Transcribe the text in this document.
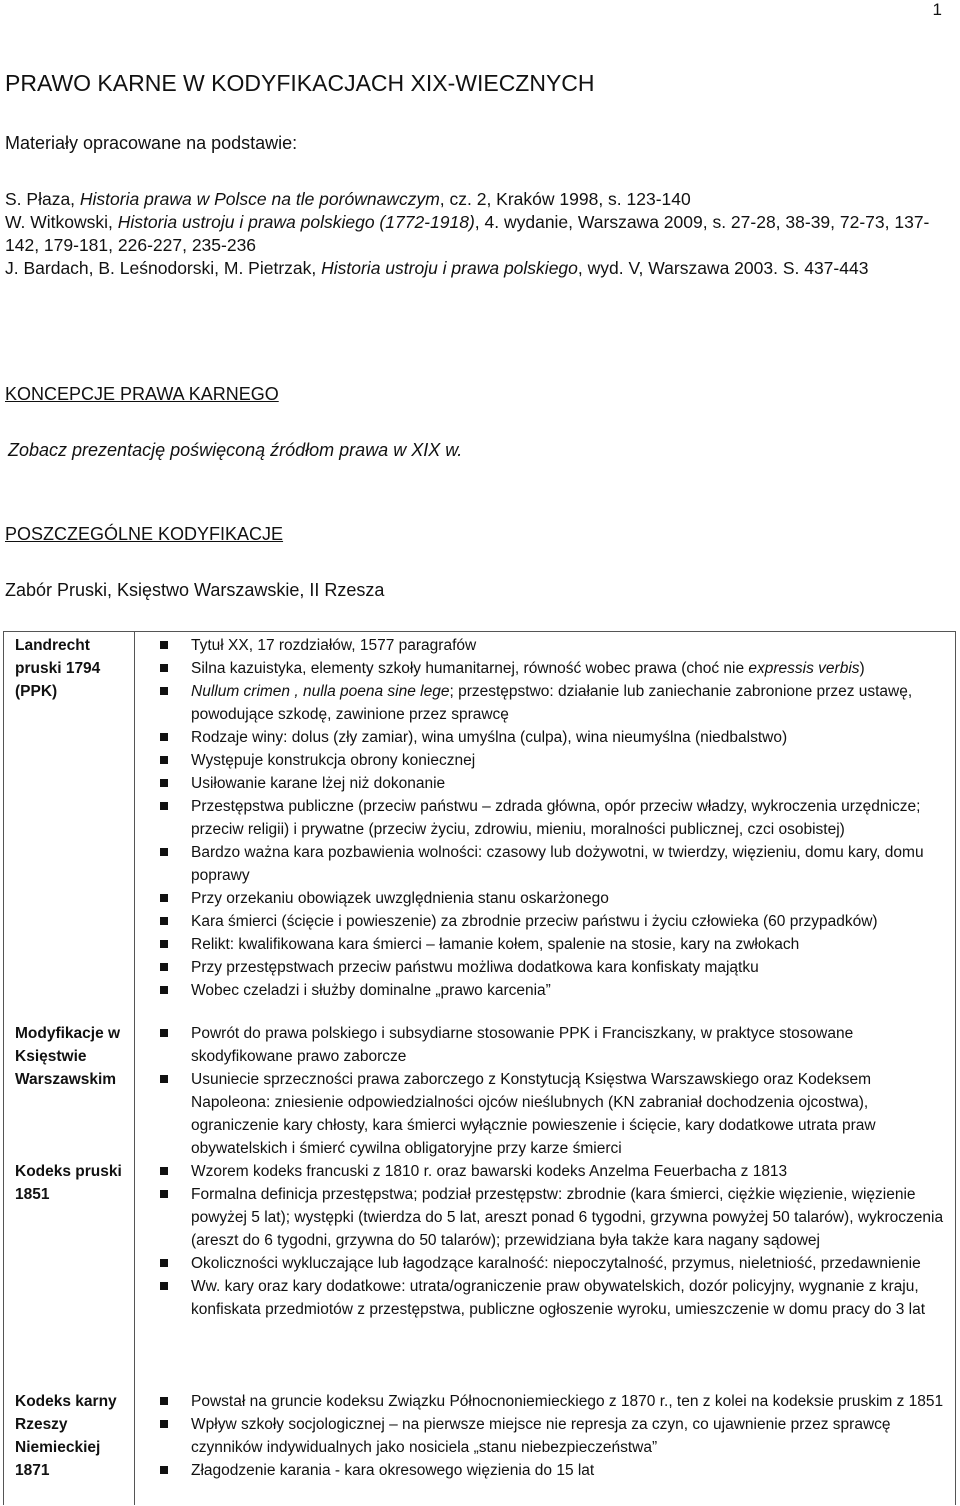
1
PRAWO KARNE W KODYFIKACJACH XIX-WIECZNYCH
Materiały opracowane na podstawie:
S. Płaza, Historia prawa w Polsce na tle porównawczym, cz. 2, Kraków 1998, s. 123-140
W. Witkowski, Historia ustroju i prawa polskiego (1772-1918), 4. wydanie, Warszawa 2009, s. 27-28, 38-39, 72-73, 137-142, 179-181, 226-227, 235-236
J. Bardach, B. Leśnodorski, M. Pietrzak, Historia ustroju i prawa polskiego, wyd. V, Warszawa 2003. S. 437-443
KONCEPCJE PRAWA KARNEGO
Zobacz prezentację poświęconą źródłom prawa w XIX w.
POSZCZEGÓLNE KODYFIKACJE
Zabór Pruski, Księstwo Warszawskie, II Rzesza
Landrecht pruski 1794 (PPK)
Modyfikacje w Księstwie Warszawskim
Kodeks pruski 1851
Kodeks karny Rzeszy Niemieckiej 1871
Tytuł XX, 17 rozdziałów, 1577 paragrafów
Silna kazuistyka, elementy szkoły humanitarnej, równość wobec prawa (choć nie expressis verbis)
Nullum crimen , nulla poena sine lege; przestępstwo: działanie lub zaniechanie zabronione przez ustawę, powodujące szkodę, zawinione przez sprawcę
Rodzaje winy: dolus (zły zamiar), wina umyślna (culpa), wina nieumyślna (niedbalstwo)
Występuje konstrukcja obrony koniecznej
Usiłowanie karane lżej niż dokonanie
Przestępstwa publiczne (przeciw państwu – zdrada główna, opór przeciw władzy, wykroczenia urzędnicze; przeciw religii) i prywatne (przeciw życiu, zdrowiu, mieniu, moralności publicznej, czci osobistej)
Bardzo ważna kara pozbawienia wolności: czasowy lub dożywotni, w twierdzy, więzieniu, domu kary, domu poprawy
Przy orzekaniu obowiązek uwzględnienia stanu oskarżonego
Kara śmierci (ścięcie i powieszenie) za zbrodnie przeciw państwu i życiu człowieka (60 przypadków)
Relikt: kwalifikowana kara śmierci – łamanie kołem, spalenie na stosie, kary na zwłokach
Przy przestępstwach przeciw państwu możliwa dodatkowa kara konfiskaty majątku
Wobec czeladzi i służby dominalne „prawo karcenia”
Powrót do prawa polskiego i subsydiarne stosowanie PPK i Franciszkany, w praktyce stosowane skodyfikowane prawo zaborcze
Usuniecie sprzeczności prawa zaborczego z Konstytucją Księstwa Warszawskiego oraz Kodeksem Napoleona: zniesienie odpowiedzialności ojców nieślubnych (KN zabraniał dochodzenia ojcostwa), ograniczenie kary chłosty, kara śmierci wyłącznie powieszenie i ścięcie, kary dodatkowe utrata praw obywatelskich i śmierć cywilna obligatoryjne przy karze śmierci
Wzorem kodeks francuski z 1810 r. oraz bawarski kodeks Anzelma Feuerbacha z 1813
Formalna definicja przestępstwa; podział przestępstw: zbrodnie (kara śmierci, ciężkie więzienie, więzienie powyżej 5 lat); występki (twierdza do 5 lat, areszt ponad 6 tygodni, grzywna powyżej 50 talarów), wykroczenia (areszt do 6 tygodni, grzywna do 50 talarów); przewidziana była także kara nagany sądowej
Okoliczności wykluczające lub łagodzące karalność: niepoczytalność, przymus, nieletniość, przedawnienie
Ww. kary oraz kary dodatkowe: utrata/ograniczenie praw obywatelskich, dozór policyjny, wygnanie z kraju, konfiskata przedmiotów z przestępstwa, publiczne ogłoszenie wyroku, umieszczenie w domu pracy do 3 lat
Powstał na gruncie kodeksu Związku Północnoniemieckiego z 1870 r., ten z kolei na kodeksie pruskim z 1851
Wpływ szkoły socjologicznej – na pierwsze miejsce nie represja za czyn, co ujawnienie przez sprawcę czynników indywidualnych jako nosiciela „stanu niebezpieczeństwa”
Złagodzenie karania - kara okresowego więzienia do 15 lat
